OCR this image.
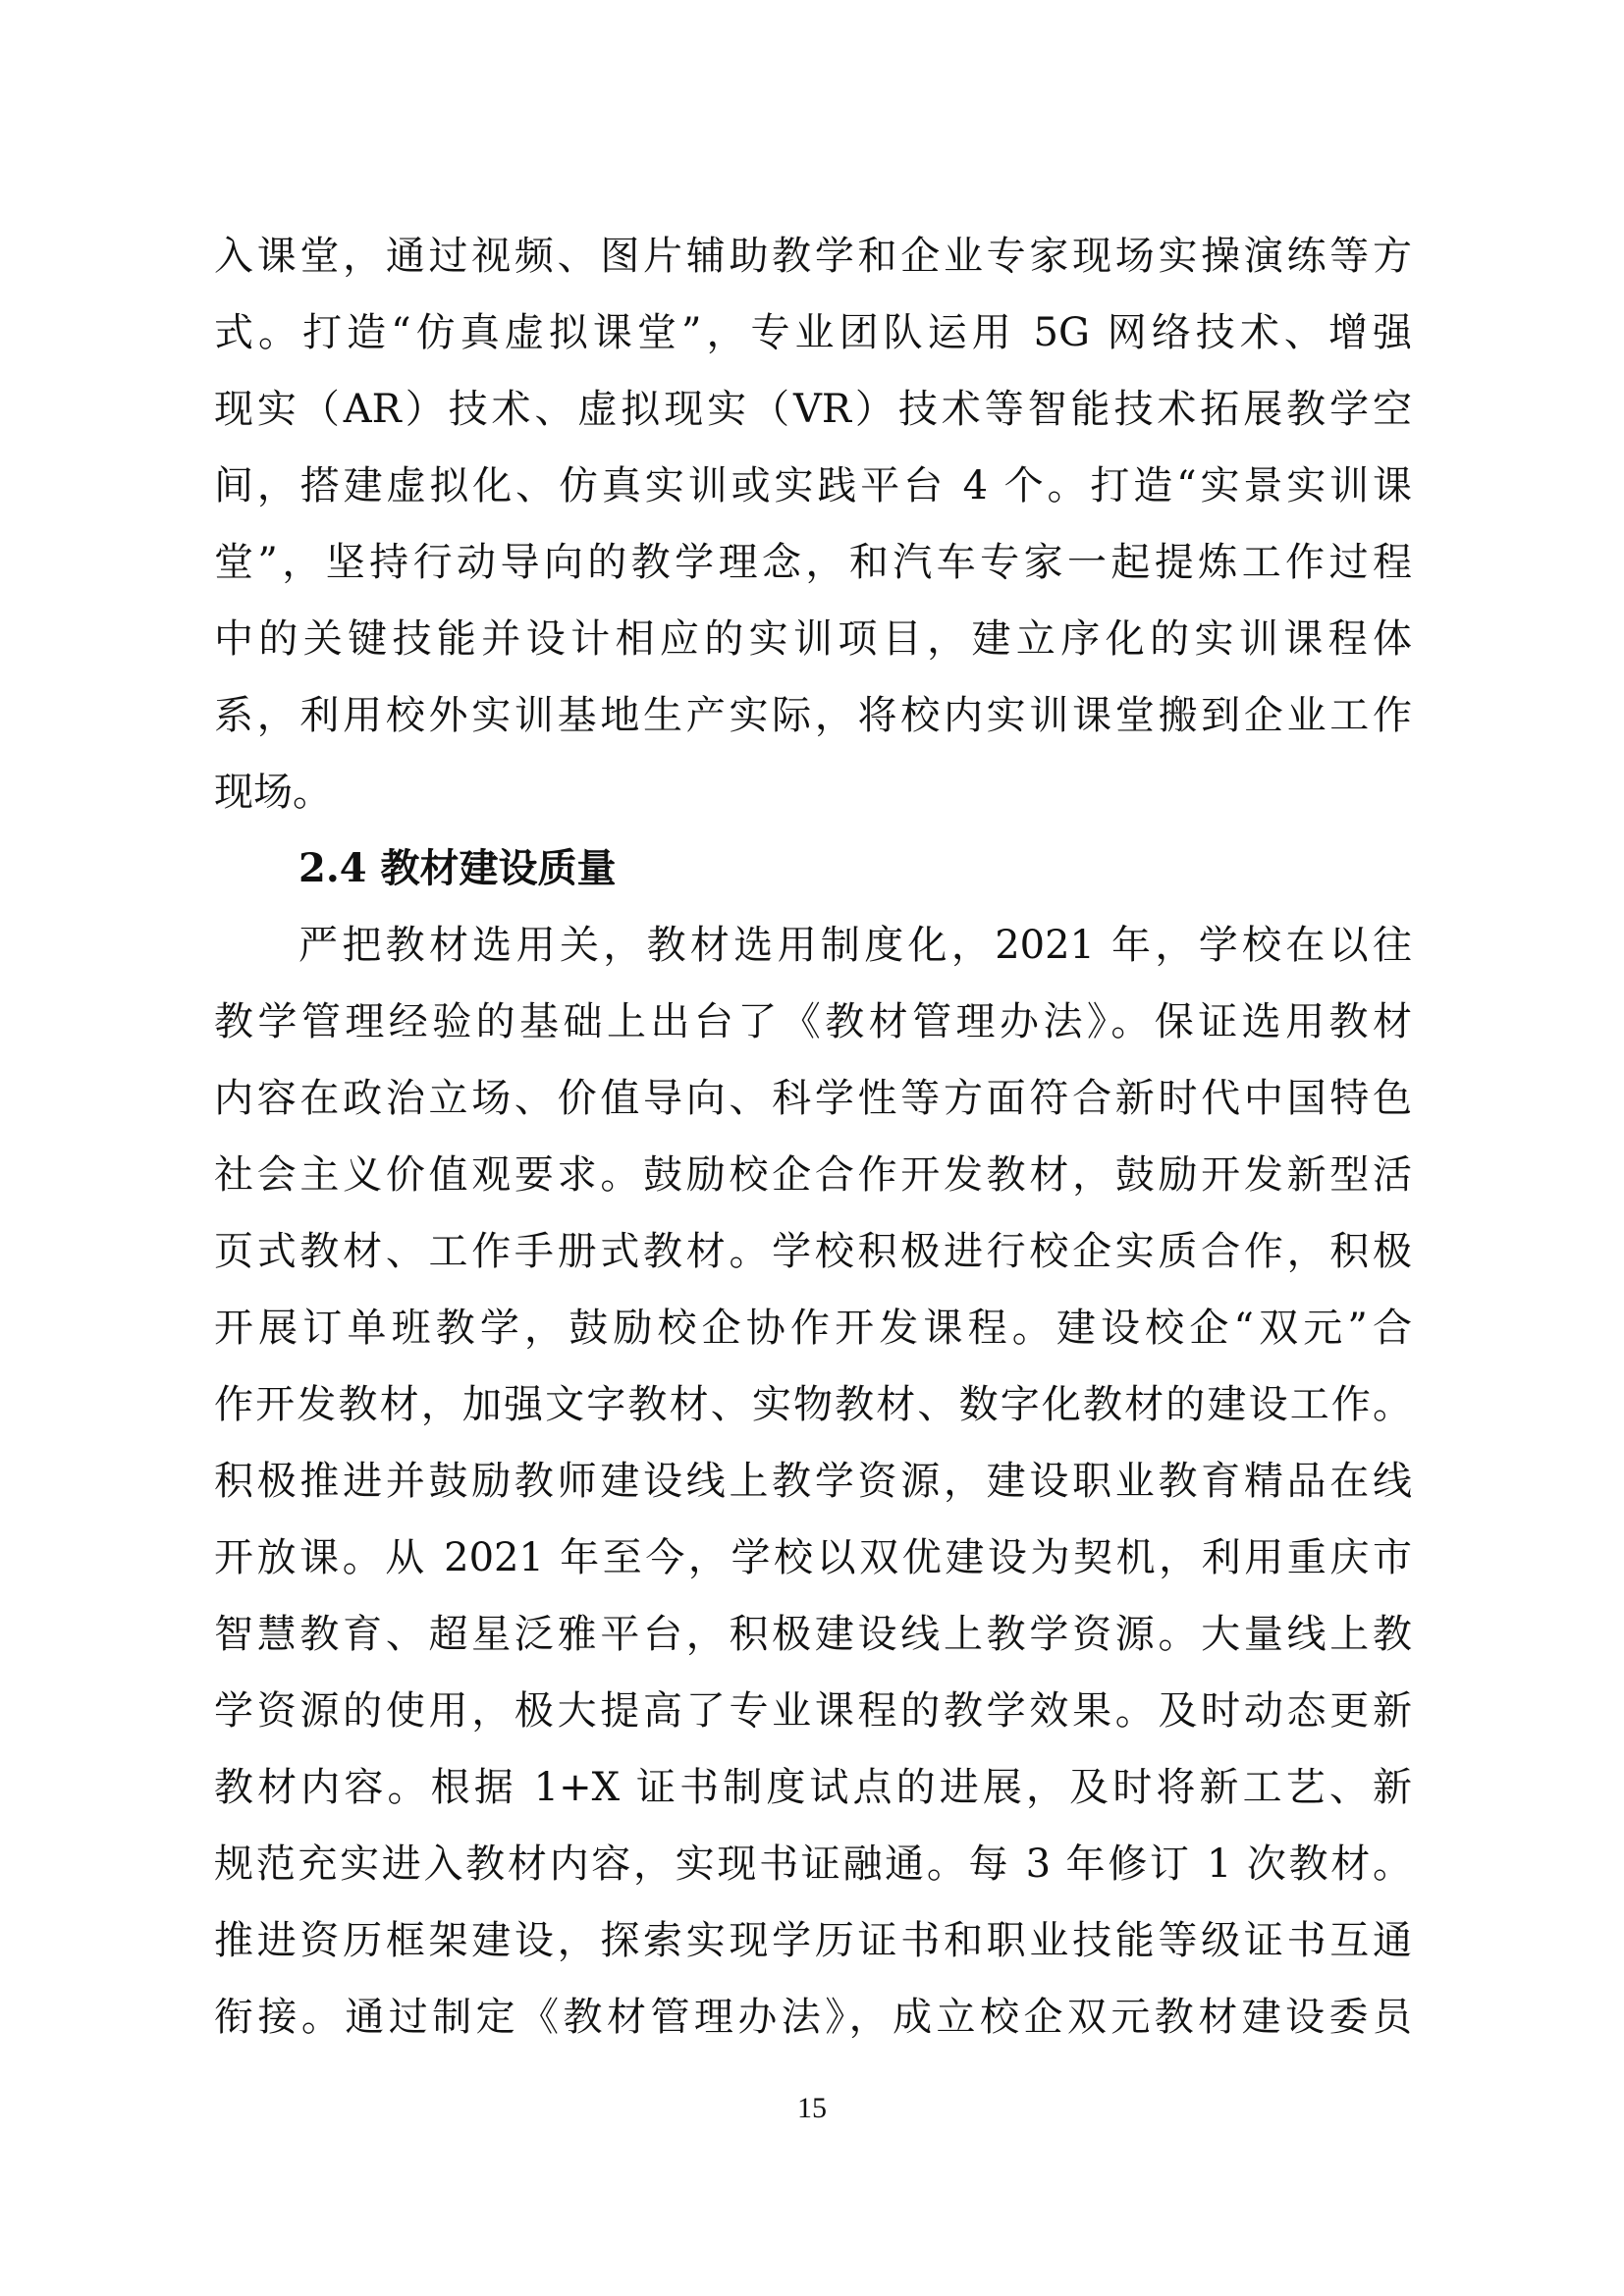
入课堂，通过视频、图片辅助教学和企业专家现场实操演练等方
式。打造“仿真虚拟课堂”，专业团队运用 5G 网络技术、增强
现实（AR）技术、虚拟现实（VR）技术等智能技术拓展教学空
间，搭建虚拟化、仿真实训或实践平台 4 个。打造“实景实训课
堂”，坚持行动导向的教学理念，和汽车专家一起提炼工作过程
中的关键技能并设计相应的实训项目，建立序化的实训课程体
系，利用校外实训基地生产实际，将校内实训课堂搬到企业工作
现场。
2.4 教材建设质量
严把教材选用关，教材选用制度化，2021 年，学校在以往
教学管理经验的基础上出台了《教材管理办法》。保证选用教材
内容在政治立场、价值导向、科学性等方面符合新时代中国特色
社会主义价值观要求。鼓励校企合作开发教材，鼓励开发新型活
页式教材、工作手册式教材。学校积极进行校企实质合作，积极
开展订单班教学，鼓励校企协作开发课程。建设校企“双元”合
作开发教材，加强文字教材、实物教材、数字化教材的建设工作。
积极推进并鼓励教师建设线上教学资源，建设职业教育精品在线
开放课。从 2021 年至今，学校以双优建设为契机，利用重庆市
智慧教育、超星泛雅平台，积极建设线上教学资源。大量线上教
学资源的使用，极大提高了专业课程的教学效果。及时动态更新
教材内容。根据 1+X 证书制度试点的进展，及时将新工艺、新
规范充实进入教材内容，实现书证融通。每 3 年修订 1 次教材。
推进资历框架建设，探索实现学历证书和职业技能等级证书互通
衔接。通过制定《教材管理办法》，成立校企双元教材建设委员
15
